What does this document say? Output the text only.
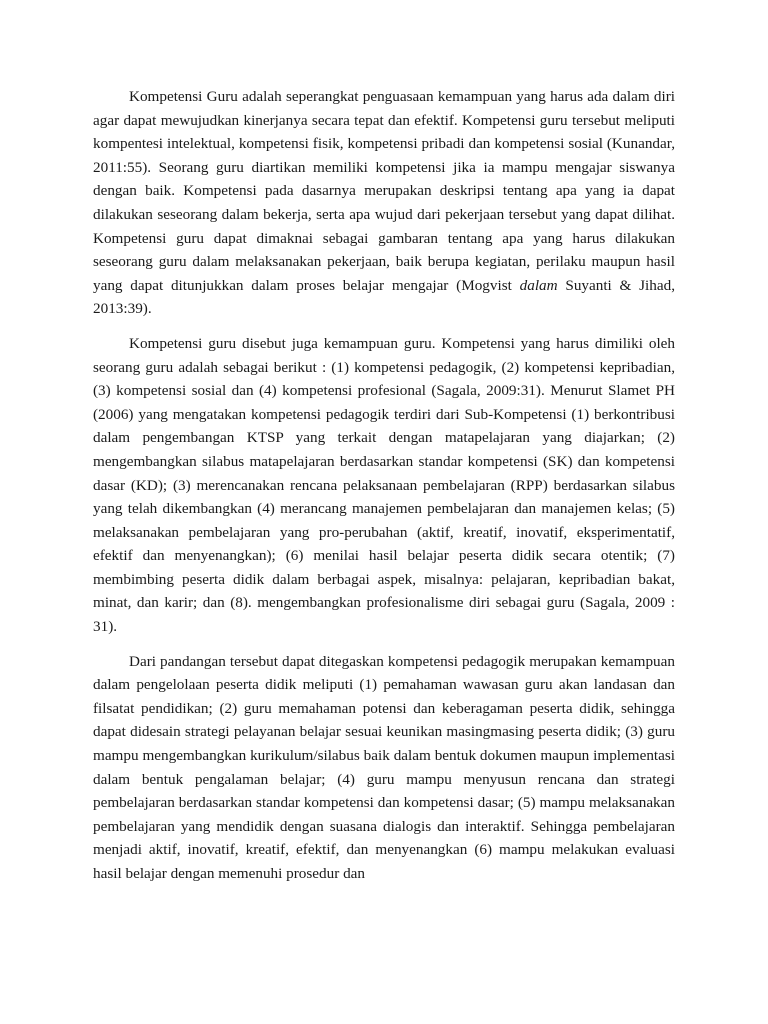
Kompetensi Guru adalah seperangkat penguasaan kemampuan yang harus ada dalam diri agar dapat mewujudkan kinerjanya secara tepat dan efektif. Kompetensi guru tersebut meliputi kompentesi intelektual, kompetensi fisik, kompetensi pribadi dan kompetensi sosial (Kunandar, 2011:55). Seorang guru diartikan memiliki kompetensi jika ia mampu mengajar siswanya dengan baik. Kompetensi pada dasarnya merupakan deskripsi tentang apa yang ia dapat dilakukan seseorang dalam bekerja, serta apa wujud dari pekerjaan tersebut yang dapat dilihat. Kompetensi guru dapat dimaknai sebagai gambaran tentang apa yang harus dilakukan seseorang guru dalam melaksanakan pekerjaan, baik berupa kegiatan, perilaku maupun hasil yang dapat ditunjukkan dalam proses belajar mengajar (Mogvist dalam Suyanti & Jihad, 2013:39).

Kompetensi guru disebut juga kemampuan guru. Kompetensi yang harus dimiliki oleh seorang guru adalah sebagai berikut : (1) kompetensi pedagogik, (2) kompetensi kepribadian, (3) kompetensi sosial dan (4) kompetensi profesional (Sagala, 2009:31). Menurut Slamet PH (2006) yang mengatakan kompetensi pedagogik terdiri dari Sub-Kompetensi (1) berkontribusi dalam pengembangan KTSP yang terkait dengan matapelajaran yang diajarkan; (2) mengembangkan silabus matapelajaran berdasarkan standar kompetensi (SK) dan kompetensi dasar (KD); (3) merencanakan rencana pelaksanaan pembelajaran (RPP) berdasarkan silabus yang telah dikembangkan (4) merancang manajemen pembelajaran dan manajemen kelas; (5) melaksanakan pembelajaran yang pro-perubahan (aktif, kreatif, inovatif, eksperimentatif, efektif dan menyenangkan); (6) menilai hasil belajar peserta didik secara otentik; (7) membimbing peserta didik dalam berbagai aspek, misalnya: pelajaran, kepribadian bakat, minat, dan karir; dan (8). mengembangkan profesionalisme diri sebagai guru (Sagala, 2009 : 31).

Dari pandangan tersebut dapat ditegaskan kompetensi pedagogik merupakan kemampuan dalam pengelolaan peserta didik meliputi (1) pemahaman wawasan guru akan landasan dan filsatat pendidikan; (2) guru memahaman potensi dan keberagaman peserta didik, sehingga dapat didesain strategi pelayanan belajar sesuai keunikan masingmasing peserta didik; (3) guru mampu mengembangkan kurikulum/silabus baik dalam bentuk dokumen maupun implementasi dalam bentuk pengalaman belajar; (4) guru mampu menyusun rencana dan strategi pembelajaran berdasarkan standar kompetensi dan kompetensi dasar; (5) mampu melaksanakan pembelajaran yang mendidik dengan suasana dialogis dan interaktif. Sehingga pembelajaran menjadi aktif, inovatif, kreatif, efektif, dan menyenangkan (6) mampu melakukan evaluasi hasil belajar dengan memenuhi prosedur dan
